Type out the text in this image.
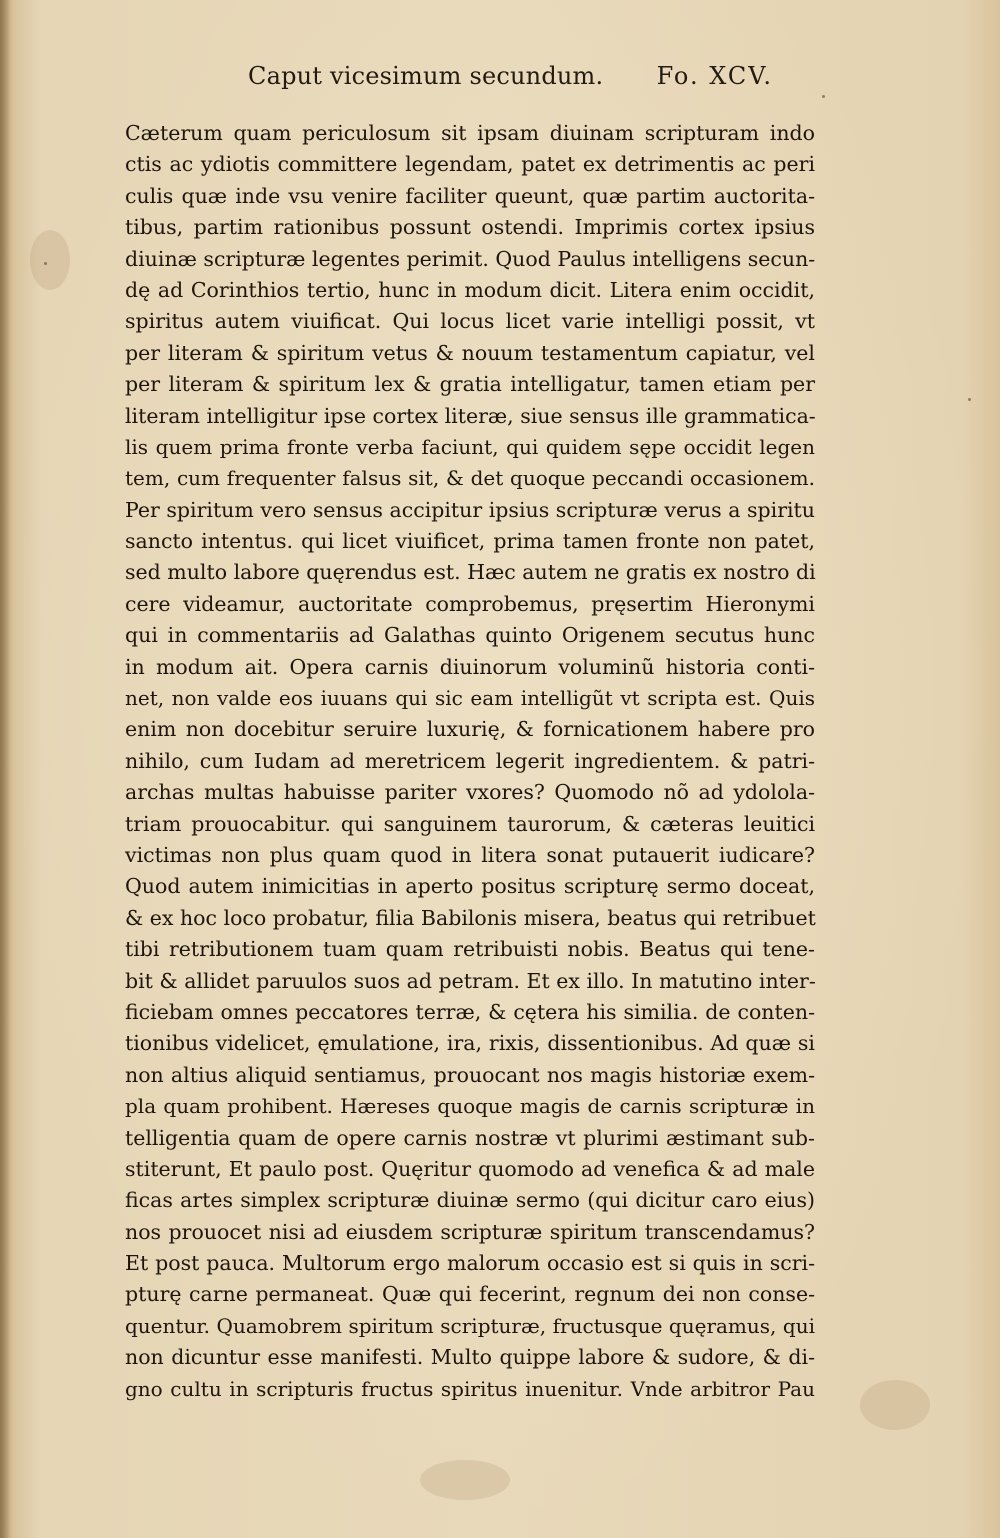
Caput vicesimum secundum. Fo. XCV.
Cæterum quam periculosum sit ipsam diuinam scripturam indo
ctis ac ydiotis committere legendam, patet ex detrimentis ac peri
culis quæ inde vsu venire faciliter queunt, quæ partim auctorita-
tibus, partim rationibus possunt ostendi. Imprimis cortex ipsius
diuinæ scripturæ legentes perimit. Quod Paulus intelligens secun-
dę ad Corinthios tertio, hunc in modum dicit. Litera enim occidit,
spiritus autem viuificat. Qui locus licet varie intelligi possit, vt
per literam & spiritum vetus & nouum testamentum capiatur, vel
per literam & spiritum lex & gratia intelligatur, tamen etiam per
literam intelligitur ipse cortex literæ, siue sensus ille grammatica-
lis quem prima fronte verba faciunt, qui quidem sępe occidit legen
tem, cum frequenter falsus sit, & det quoque peccandi occasionem.
Per spiritum vero sensus accipitur ipsius scripturæ verus a spiritu
sancto intentus. qui licet viuificet, prima tamen fronte non patet,
sed multo labore quęrendus est. Hæc autem ne gratis ex nostro di
cere videamur, auctoritate comprobemus, pręsertim Hieronymi
qui in commentariis ad Galathas quinto Origenem secutus hunc
in modum ait. Opera carnis diuinorum voluminũ historia conti-
net, non valde eos iuuans qui sic eam intelligũt vt scripta est. Quis
enim non docebitur seruire luxurię, & fornicationem habere pro
nihilo, cum Iudam ad meretricem legerit ingredientem. & patri-
archas multas habuisse pariter vxores? Quomodo nõ ad ydolola-
triam prouocabitur. qui sanguinem taurorum, & cæteras leuitici
victimas non plus quam quod in litera sonat putauerit iudicare?
Quod autem inimicitias in aperto positus scripturę sermo doceat,
& ex hoc loco probatur, filia Babilonis misera, beatus qui retribuet
tibi retributionem tuam quam retribuisti nobis. Beatus qui tene-
bit & allidet paruulos suos ad petram. Et ex illo. In matutino inter-
ficiebam omnes peccatores terræ, & cętera his similia. de conten-
tionibus videlicet, ęmulatione, ira, rixis, dissentionibus. Ad quæ si
non altius aliquid sentiamus, prouocant nos magis historiæ exem-
pla quam prohibent. Hæreses quoque magis de carnis scripturæ in
telligentia quam de opere carnis nostræ vt plurimi æstimant sub-
stiterunt, Et paulo post. Quęritur quomodo ad venefica & ad male
ficas artes simplex scripturæ diuinæ sermo (qui dicitur caro eius)
nos prouocet nisi ad eiusdem scripturæ spiritum transcendamus?
Et post pauca. Multorum ergo malorum occasio est si quis in scri-
pturę carne permaneat. Quæ qui fecerint, regnum dei non conse-
quentur. Quamobrem spiritum scripturæ, fructusque quęramus, qui
non dicuntur esse manifesti. Multo quippe labore & sudore, & di-
gno cultu in scripturis fructus spiritus inuenitur. Vnde arbitror Pau
